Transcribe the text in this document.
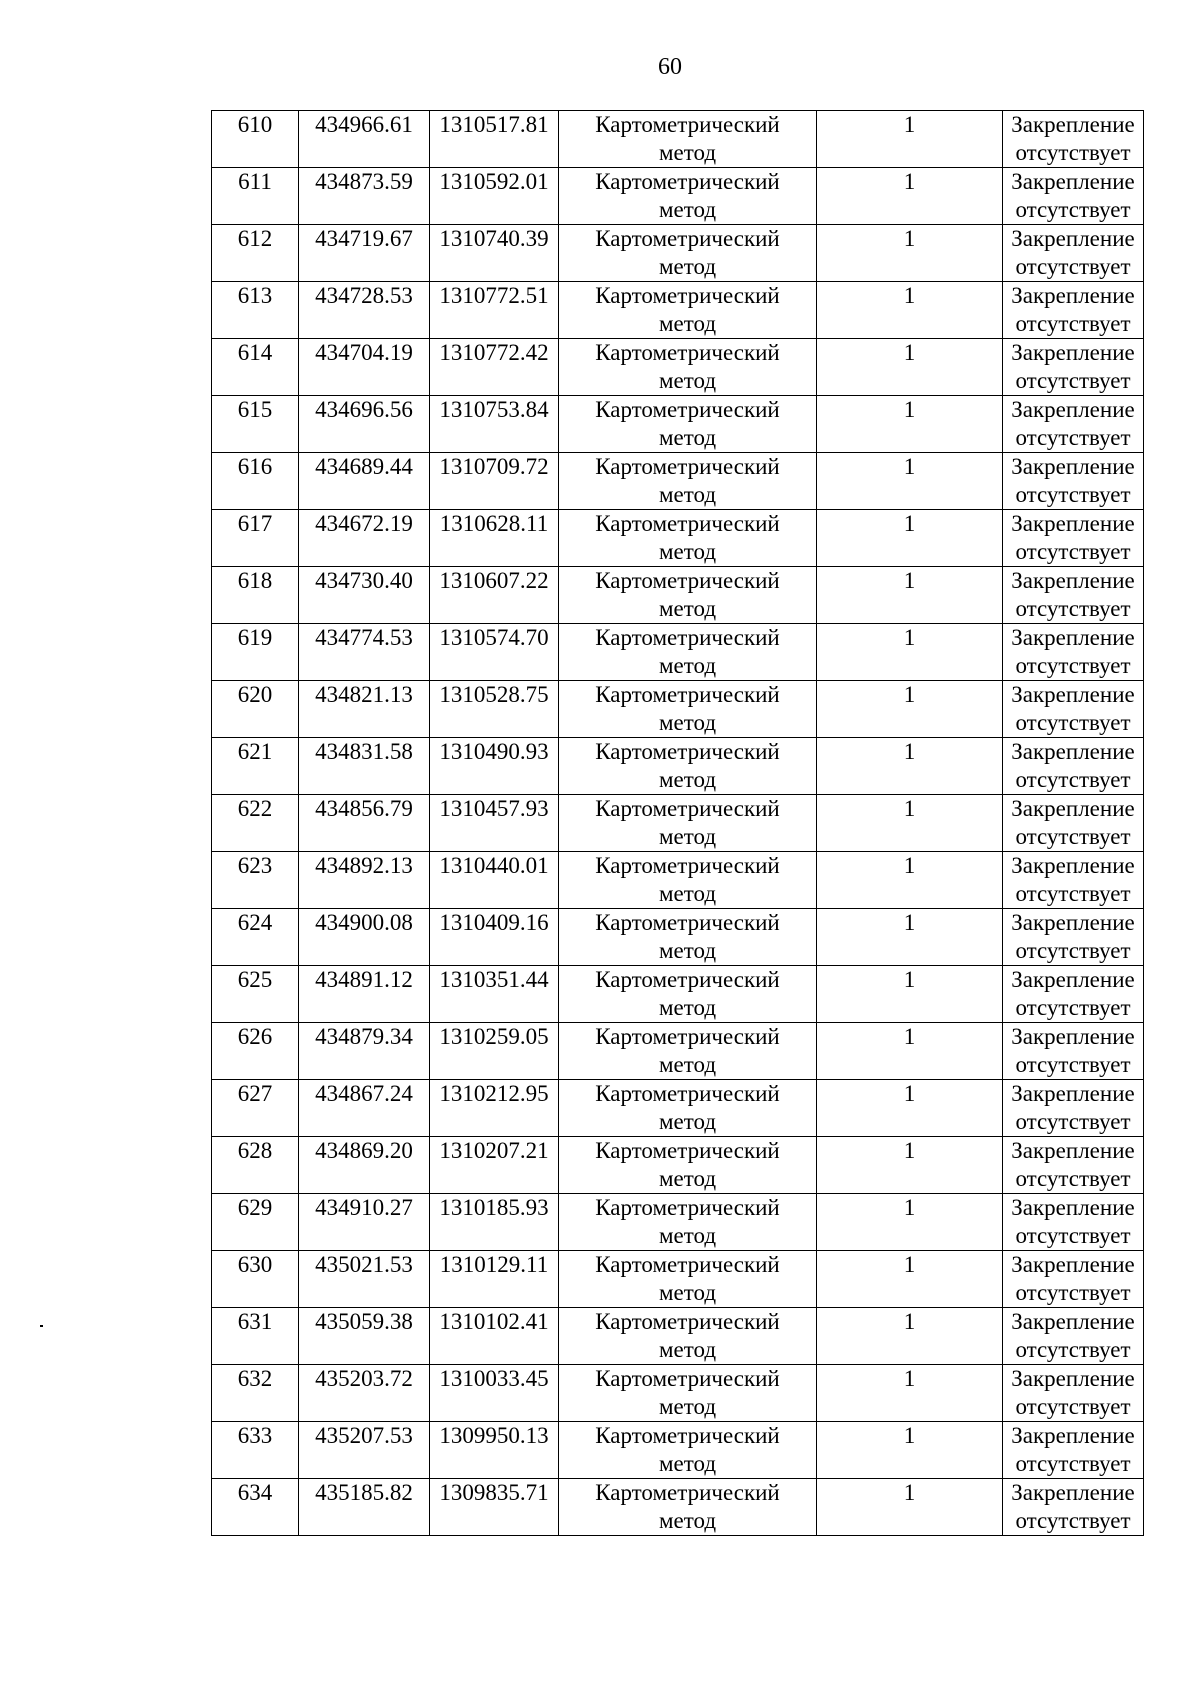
60
610	434966.61	1310517.81	Картометрический
метод	1	Закрепление
отсутствует

611	434873.59	1310592.01	Картометрический
метод	1	Закрепление
отсутствует

612	434719.67	1310740.39	Картометрический
метод	1	Закрепление
отсутствует

613	434728.53	1310772.51	Картометрический
метод	1	Закрепление
отсутствует

614	434704.19	1310772.42	Картометрический
метод	1	Закрепление
отсутствует

615	434696.56	1310753.84	Картометрический
метод	1	Закрепление
отсутствует

616	434689.44	1310709.72	Картометрический
метод	1	Закрепление
отсутствует

617	434672.19	1310628.11	Картометрический
метод	1	Закрепление
отсутствует

618	434730.40	1310607.22	Картометрический
метод	1	Закрепление
отсутствует

619	434774.53	1310574.70	Картометрический
метод	1	Закрепление
отсутствует

620	434821.13	1310528.75	Картометрический
метод	1	Закрепление
отсутствует

621	434831.58	1310490.93	Картометрический
метод	1	Закрепление
отсутствует

622	434856.79	1310457.93	Картометрический
метод	1	Закрепление
отсутствует

623	434892.13	1310440.01	Картометрический
метод	1	Закрепление
отсутствует

624	434900.08	1310409.16	Картометрический
метод	1	Закрепление
отсутствует

625	434891.12	1310351.44	Картометрический
метод	1	Закрепление
отсутствует

626	434879.34	1310259.05	Картометрический
метод	1	Закрепление
отсутствует

627	434867.24	1310212.95	Картометрический
метод	1	Закрепление
отсутствует

628	434869.20	1310207.21	Картометрический
метод	1	Закрепление
отсутствует

629	434910.27	1310185.93	Картометрический
метод	1	Закрепление
отсутствует

630	435021.53	1310129.11	Картометрический
метод	1	Закрепление
отсутствует

631	435059.38	1310102.41	Картометрический
метод	1	Закрепление
отсутствует

632	435203.72	1310033.45	Картометрический
метод	1	Закрепление
отсутствует

633	435207.53	1309950.13	Картометрический
метод	1	Закрепление
отсутствует

634	435185.82	1309835.71	Картометрический
метод	1	Закрепление
отсутствует
